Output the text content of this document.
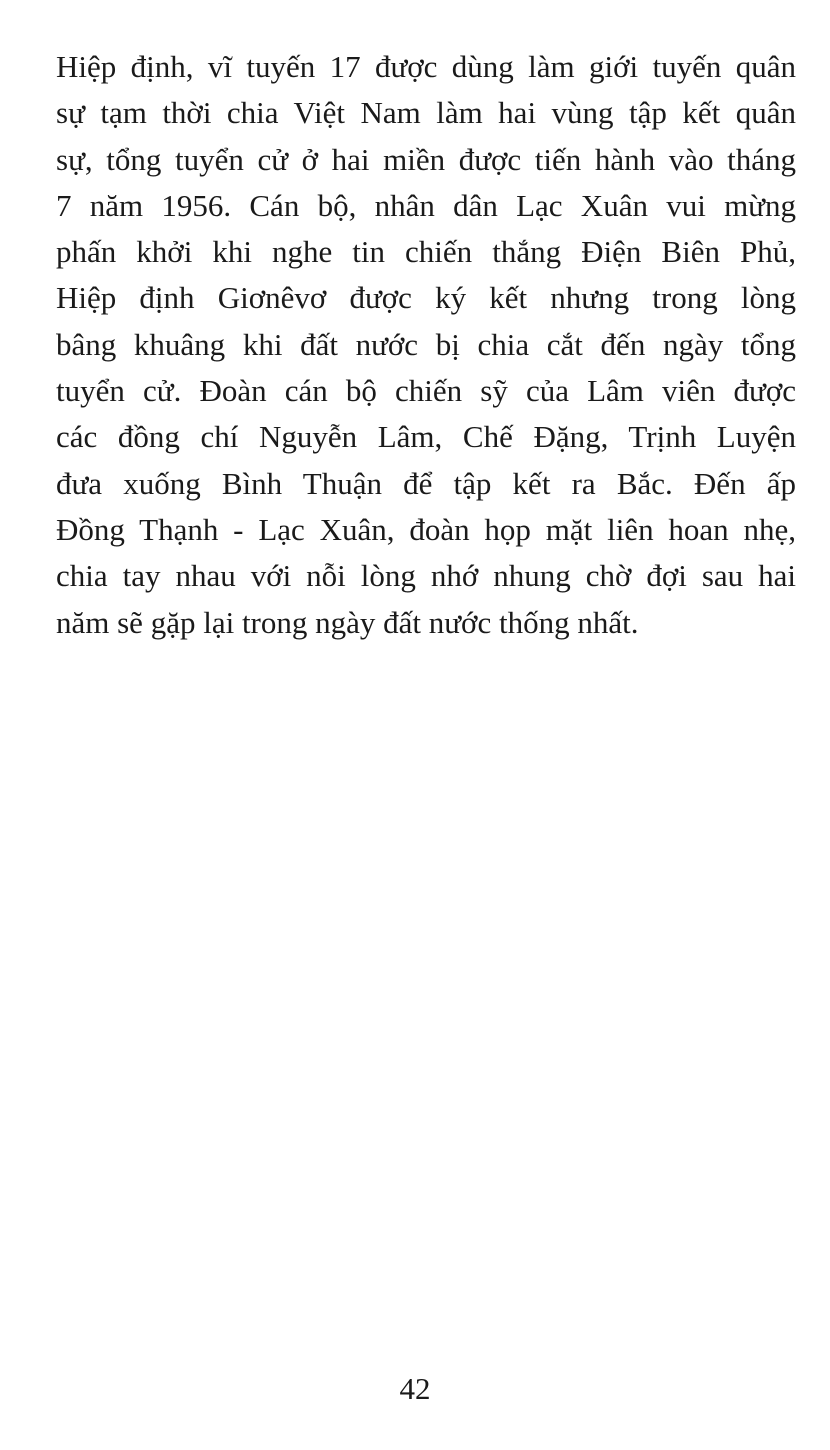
Hiệp định, vĩ tuyến 17 được dùng làm giới tuyến quân
sự tạm thời chia Việt Nam làm hai vùng tập kết quân
sự, tổng tuyển cử ở hai miền được tiến hành vào tháng
7 năm 1956. Cán bộ, nhân dân Lạc Xuân vui mừng
phấn khởi khi nghe tin chiến thắng Điện Biên Phủ,
Hiệp định Giơnêvơ được ký kết nhưng trong lòng
bâng khuâng khi đất nước bị chia cắt đến ngày tổng
tuyển cử. Đoàn cán bộ chiến sỹ của Lâm viên được
các đồng chí Nguyễn Lâm, Chế Đặng, Trịnh Luyện
đưa xuống Bình Thuận để tập kết ra Bắc. Đến ấp
Đồng Thạnh - Lạc Xuân, đoàn họp mặt liên hoan nhẹ,
chia tay nhau với nỗi lòng nhớ nhung chờ đợi sau hai
năm sẽ gặp lại trong ngày đất nước thống nhất.
42
